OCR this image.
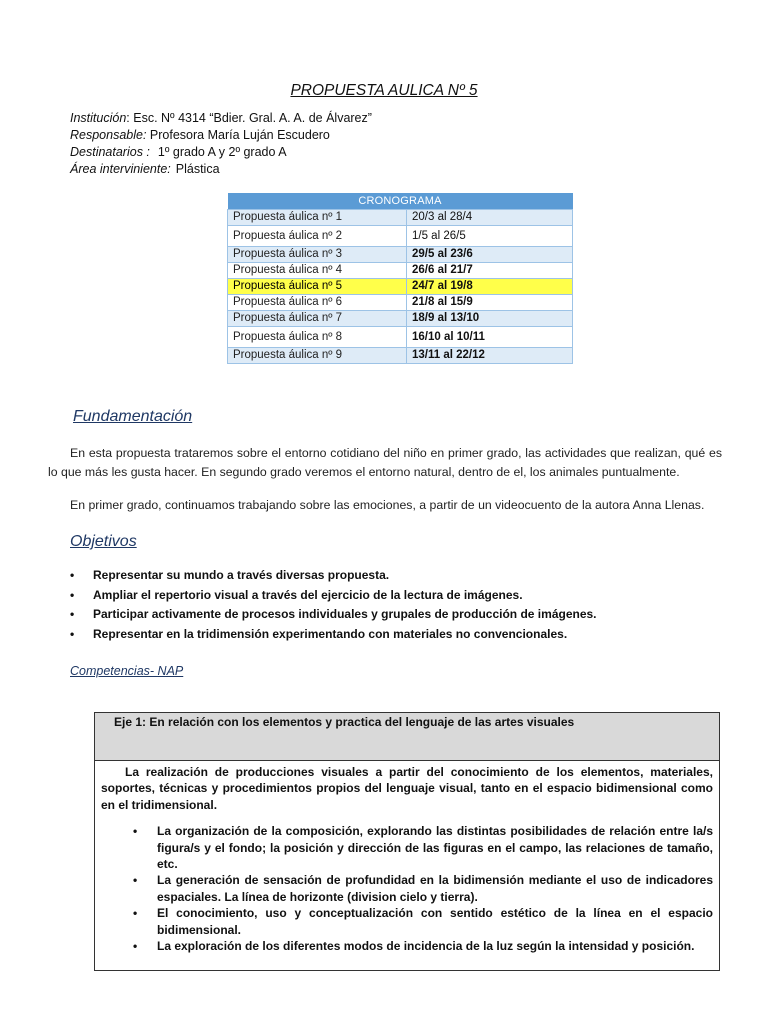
PROPUESTA AULICA Nº 5
Institución: Esc. Nº 4314 “Bdier. Gral. A. A. de Álvarez”
Responsable: Profesora María Luján Escudero
Destinatarios : 1º grado A y 2º grado A
Área interviniente: Plástica
CRONOGRAMA	
Propuesta áulica nº 1	20/3 al 28/4
Propuesta áulica nº 2	1/5 al 26/5
Propuesta áulica nº 3	29/5 al 23/6
Propuesta áulica nº 4	26/6 al 21/7
Propuesta áulica nº 5	24/7 al 19/8
Propuesta áulica nº 6	21/8 al 15/9
Propuesta áulica nº 7	18/9 al 13/10
Propuesta áulica nº 8	16/10 al 10/11
Propuesta áulica nº 9	13/11 al 22/12
Fundamentación
En esta propuesta trataremos sobre el entorno cotidiano del niño en primer grado, las actividades que realizan, qué es lo que más les gusta hacer. En segundo grado veremos el entorno natural, dentro de el, los animales puntualmente.
En primer grado, continuamos trabajando sobre las emociones, a partir de un videocuento de la autora Anna Llenas.
Objetivos
• Representar su mundo a través diversas propuesta.
• Ampliar el repertorio visual a través del ejercicio de la lectura de imágenes.
• Participar activamente de procesos individuales y grupales de producción de imágenes.
• Representar en la tridimensión experimentando con materiales no convencionales.
Competencias- NAP
Eje 1: En relación con los elementos y practica del lenguaje de las artes visuales
La realización de producciones visuales a partir del conocimiento de los elementos, materiales, soportes, técnicas y procedimientos propios del lenguaje visual, tanto en el espacio bidimensional como en el tridimensional.
• La organización de la composición, explorando las distintas posibilidades de relación entre la/s figura/s y el fondo; la posición y dirección de las figuras en el campo, las relaciones de tamaño, etc.
• La generación de sensación de profundidad en la bidimensión mediante el uso de indicadores espaciales. La línea de horizonte (division cielo y tierra).
• El conocimiento, uso y conceptualización con sentido estético de la línea en el espacio bidimensional.
• La exploración de los diferentes modos de incidencia de la luz según la intensidad y posición.
